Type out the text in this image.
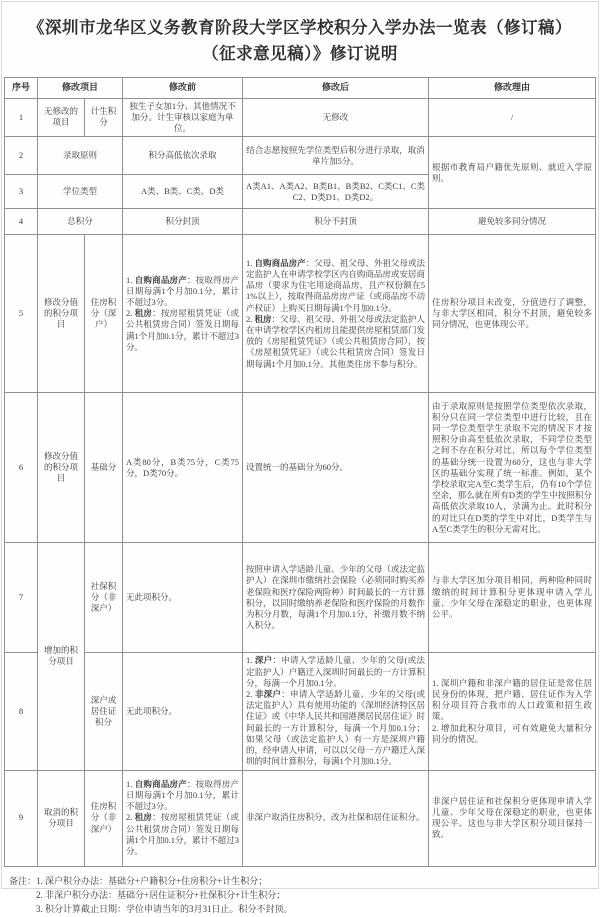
《深圳市龙华区义务教育阶段大学区学校积分入学办法一览表（修订稿）（征求意见稿）》修订说明
序号	修改项目		修改前	修改后	修改理由
1	无修改的项目	计生积分	独生子女加1分、其他情况不加分。计生审核以家庭为单位。	无修改	/
2	录取原则		积分高低依次录取	结合志愿按照先学位类型后积分进行录取，取消单片加5分。	根据市教育局户籍优先原则、就近入学原则。
3	学位类型		A类、B类、C类、D类	A类A1、A类A2、B类B1、B类B2、C类C1、C类C2、D类D1、D类D2。	
4	总积分		积分封顶	积分不封顶	避免较多同分情况
5	修改分值的积分项目	住房积分（深户）	1. 自购商品房产：按取得房产日期每满1个月加0.1分，累计不超过3分。
2. 租房：按房屋租赁凭证（或公共租赁房合同）签发日期每满1个月加0.1分，累计不超过3分。	1. 自购商品房产：父母、祖父母、外祖父母或法定监护人在申请学校学区内自购商品房或安居商品房（要求为住宅用途商品房，且产权份额在51%以上），按取得商品房房产证（或商品房不动产权证）上购买日期每满1个月加0.1分。
2. 租房：父母、祖父母、外祖父母或法定监护人在申请学校学区内租房且能提供房屋租赁部门发放的《房屋租赁凭证》（或公共租赁房合同），按《房屋租赁凭证》（或公共租赁房合同）签发日期每满1个月加0.1分。其他类住房不参与积分。	住房积分项目未改变，分值进行了调整，与非大学区相同，积分不封顶，避免较多同分情况，也更体现公平。
6	修改分值的积分项目	基础分	A类80分，B类75分，C类75分，D类70分。	设置统一的基础分为60分。	由于录取原则是按照学位类型依次录取，积分只在同一学位类型中进行比较，且在同一学位类型学生录取不完的情况下才按照积分由高至低依次录取，不同学位类型之间不存在积分对比，所以每个学位类型的基础分统一设置为60分，这也与非大学区的基础分实现了统一标准。例如，某个学校录取完A至C类学生后，仍有10个学位空余，那么就在所有D类的学生中按照积分高低依次录取10人，录满为止。此时积分的对比只在D类的学生中对比，D类学生与A至C类学生的积分无需对比。
7	增加的积分项目	社保积分（非深户）	无此项积分。	按照申请入学适龄儿童、少年的父母（或法定监护人）在深圳市缴纳社会保险（必须同时购买养老保险和医疗保险两险种）时间最长的一方计算积分，以同时缴纳养老保险和医疗保险的月数作为积分月数，每满1个月加0.1分，补缴月数不纳入积分。	与非大学区加分项目相同，两种险种同时缴纳的时间计算积分更体现申请入学儿童、少年父母在深稳定的职业，也更体现公平。
8		深户或居住证积分	无此项积分。	1. 深户：申请入学适龄儿童、少年的父母(或法定监护人）户籍迁入深圳时间最长的一方计算积分，每满一个月加0.1分。
2. 非深户：申请入学适龄儿童、少年的父母(或法定监护人）具有使用功能的《深圳经济特区居住证》或《中华人民共和国港澳居民居住证》时间最长的一方计算积分，每满一个月加0.1分；如果父母（或法定监护人）有一方是深圳户籍的，经申请人申请，可以以父母一方户籍迁入深圳的时间计算积分，每满1个月加0.1分。	1. 深圳户籍和非深户籍的居住证是常住居民身份的体现，把户籍、居住证作为入学积分项目符合我市的人口政策和招生政策。
2. 增加此积分项目，可有效避免大量积分同分的情况。
9	取消的积分项目	住房积分（非深户）	1. 自购商品房产：按取得房产日期每满1个月加0.1分，累计不超过3分。
2. 租房：按房屋租赁凭证（或公共租赁房合同）签发日期每满1个月加0.1分，累计不超过3分。	非深户取消住房积分，改为社保和居住证积分。	非深户居住证和社保积分更体现申请入学儿童、少年父母在深稳定的职业，也更体现公平。这也与非大学区积分项目保持一致。
备注： 1. 深户积分办法：基础分+户籍积分+住房积分+计生积分；
2. 非深户积分办法：基础分+居住证积分+社保积分+计生积分；
3. 积分计算截止日期：学位申请当年的3月31日止。积分不封顶。
